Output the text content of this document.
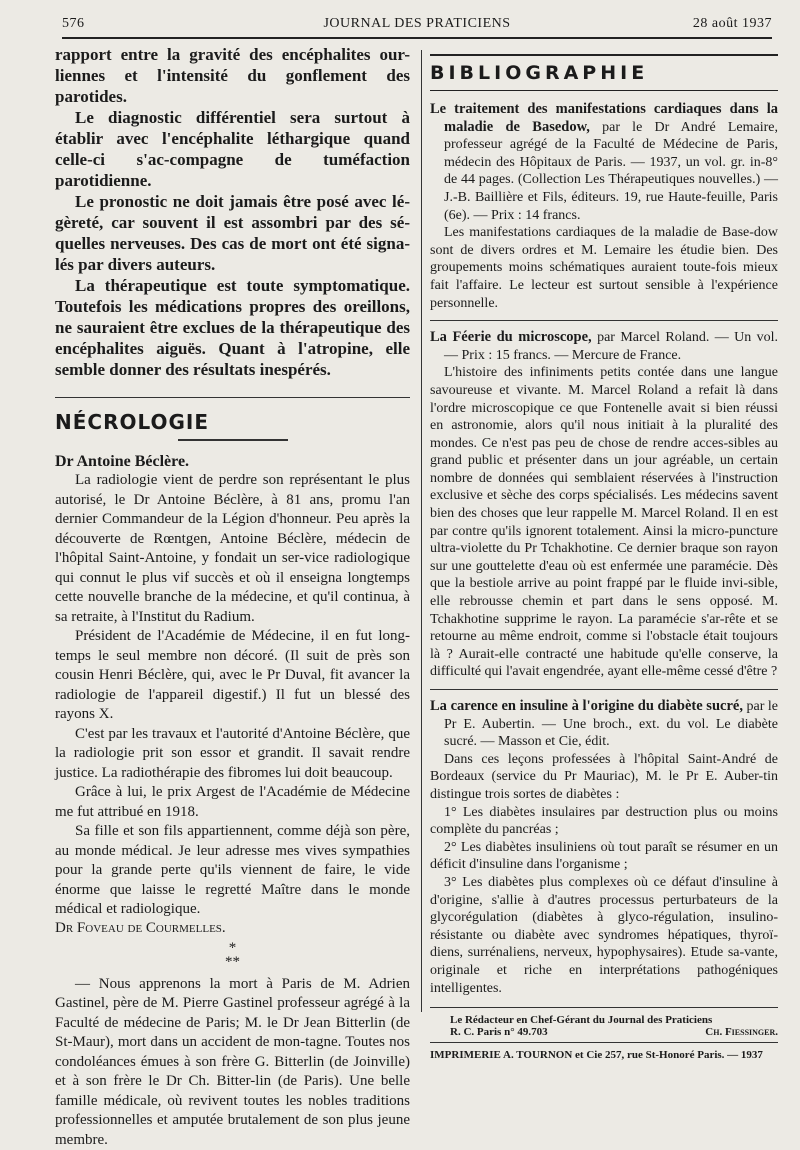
576	JOURNAL DES PRATICIENS	28 août 1937

rapport entre la gravité des encéphalites our-liennes et l'intensité du gonflement des parotides.

Le diagnostic différentiel sera surtout à établir avec l'encéphalite léthargique quand celle-ci s'ac-compagne de tuméfaction parotidienne.

Le pronostic ne doit jamais être posé avec lé-gèreté, car souvent il est assombri par des sé-quelles nerveuses. Des cas de mort ont été signa-lés par divers auteurs.

La thérapeutique est toute symptomatique. Toutefois les médications propres des oreillons, ne sauraient être exclues de la thérapeutique des encéphalites aiguës. Quant à l'atropine, elle semble donner des résultats inespérés.

NÉCROLOGIE

Dr Antoine Béclère.

La radiologie vient de perdre son représentant le plus autorisé, le Dr Antoine Béclère, à 81 ans, promu l'an dernier Commandeur de la Légion d'honneur. Peu après la découverte de Rœntgen, Antoine Béclère, médecin de l'hôpital Saint-Antoine, y fondait un ser-vice radiologique qui connut le plus vif succès et où il enseigna longtemps cette nouvelle branche de la médecine, et qu'il continua, à sa retraite, à l'Institut du Radium.

Président de l'Académie de Médecine, il en fut long-temps le seul membre non décoré. (Il suit de près son cousin Henri Béclère, qui, avec le Pr Duval, fit avancer la radiologie de l'appareil digestif.) Il fut un blessé des rayons X.

C'est par les travaux et l'autorité d'Antoine Béclère, que la radiologie prit son essor et grandit. Il savait rendre justice. La radiothérapie des fibromes lui doit beaucoup.

Grâce à lui, le prix Argest de l'Académie de Médecine me fut attribué en 1918.

Sa fille et son fils appartiennent, comme déjà son père, au monde médical. Je leur adresse mes vives sympathies pour la grande perte qu'ils viennent de faire, le vide énorme que laisse le regretté Maître dans le monde médical et radiologique.

Dr Foveau de Courmelles.

*
**

— Nous apprenons la mort à Paris de M. Adrien Gastinel, père de M. Pierre Gastinel professeur agrégé à la Faculté de médecine de Paris; M. le Dr Jean Bitterlin (de St-Maur), mort dans un accident de mon-tagne. Toutes nos condoléances émues à son frère G. Bitterlin (de Joinville) et à son frère le Dr Ch. Bitter-lin (de Paris). Une belle famille médicale, où revivent toutes les nobles traditions professionnelles et amputée brutalement de son plus jeune membre.

BIBLIOGRAPHIE

Le traitement des manifestations cardiaques dans la maladie de Basedow, par le Dr André Lemaire, professeur agrégé de la Faculté de Médecine de Paris, médecin des Hôpitaux de Paris. — 1937, un vol. gr. in-8° de 44 pages. (Collection Les Thérapeutiques nouvelles.) — J.-B. Baillière et Fils, éditeurs. 19, rue Haute-feuille, Paris (6e). — Prix : 14 francs.

Les manifestations cardiaques de la maladie de Base-dow sont de divers ordres et M. Lemaire les étudie bien. Des groupements moins schématiques auraient toute-fois mieux fait l'affaire. Le lecteur est surtout sensible à l'expérience personnelle.

La Féerie du microscope, par Marcel Roland. — Un vol. — Prix : 15 francs. — Mercure de France.

L'histoire des infiniments petits contée dans une langue savoureuse et vivante. M. Marcel Roland a refait là dans l'ordre microscopique ce que Fontenelle avait si bien réussi en astronomie, alors qu'il nous initiait à la pluralité des mondes. Ce n'est pas peu de chose de rendre acces-sibles au grand public et présenter dans un jour agréable, un certain nombre de données qui semblaient réservées à l'instruction exclusive et sèche des corps spécialisés. Les médecins savent bien des choses que leur rappelle M. Marcel Roland. Il en est par contre qu'ils ignorent totalement. Ainsi la micro-puncture ultra-violette du Pr Tchakhotine. Ce dernier braque son rayon sur une gouttelette d'eau où est enfermée une paramécie. Dès que la bestiole arrive au point frappé par le fluide invi-sible, elle rebrousse chemin et part dans le sens opposé. M. Tchakhotine supprime le rayon. La paramécie s'ar-rête et se retourne au même endroit, comme si l'obstacle était toujours là ? Aurait-elle contracté une habitude qu'elle conserve, la difficulté qui l'avait engendrée, ayant elle-même cessé d'être ?

La carence en insuline à l'origine du diabète sucré, par le Pr E. Aubertin. — Une broch., ext. du vol. Le diabète sucré. — Masson et Cie, édit.

Dans ces leçons professées à l'hôpital Saint-André de Bordeaux (service du Pr Mauriac), M. le Pr E. Auber-tin distingue trois sortes de diabètes :

1° Les diabètes insulaires par destruction plus ou moins complète du pancréas ;

2° Les diabètes insuliniens où tout paraît se résumer en un déficit d'insuline dans l'organisme ;

3° Les diabètes plus complexes où ce défaut d'insuline à d'origine, s'allie à d'autres processus perturbateurs de la glycorégulation (diabètes à glyco-régulation, insulino-résistante ou diabète avec syndromes hépatiques, thyroï-diens, surrénaliens, nerveux, hypophysaires). Etude sa-vante, originale et riche en interprétations pathogéniques intelligentes.

Le Rédacteur en Chef-Gérant du Journal des Praticiens
R. C. Paris n° 49.703	Ch. Fiessinger.
IMPRIMERIE A. TOURNON et Cie 257, rue St-Honoré Paris. — 1937
